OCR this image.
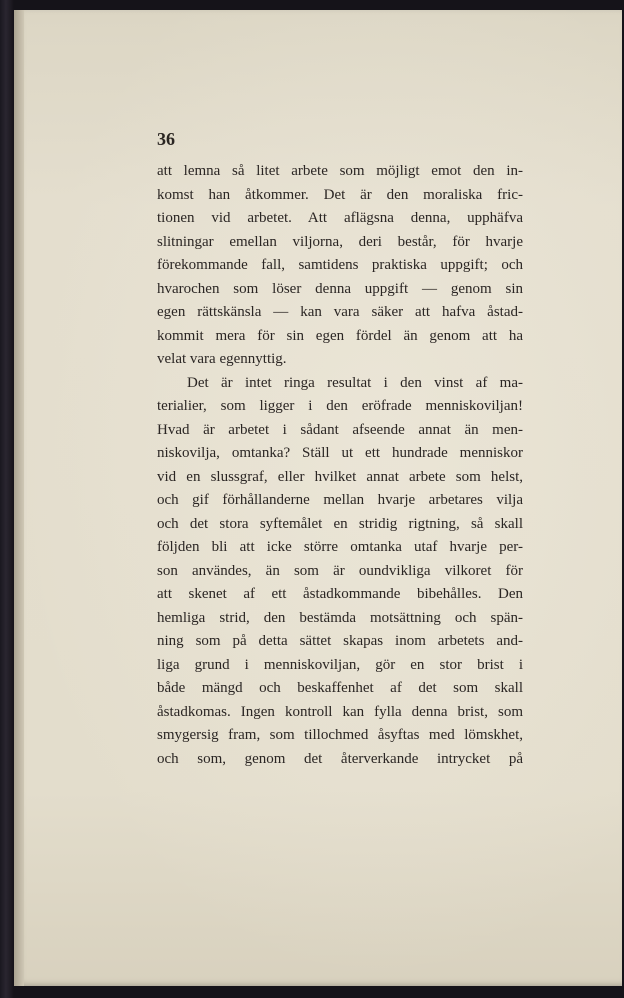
36
att lemna så litet arbete som möjligt emot den in-
komst han åtkommer. Det är den moraliska fric-
tionen vid arbetet. Att aflägsna denna, upphäfva
slitningar emellan viljorna, deri består, för hvarje
förekommande fall, samtidens praktiska uppgift; och
hvarochen som löser denna uppgift — genom sin
egen rättskänsla — kan vara säker att hafva åstad-
kommit mera för sin egen fördel än genom att ha
velat vara egennyttig.
Det är intet ringa resultat i den vinst af ma-
terialier, som ligger i den eröfrade menniskoviljan!
Hvad är arbetet i sådant afseende annat än men-
niskovilja, omtanka? Ställ ut ett hundrade menniskor
vid en slussgraf, eller hvilket annat arbete som helst,
och gif förhållanderne mellan hvarje arbetares vilja
och det stora syftemålet en stridig rigtning, så skall
följden bli att icke större omtanka utaf hvarje per-
son användes, än som är oundvikliga vilkoret för
att skenet af ett åstadkommande bibehålles. Den
hemliga strid, den bestämda motsättning och spän-
ning som på detta sättet skapas inom arbetets and-
liga grund i menniskoviljan, gör en stor brist i
både mängd och beskaffenhet af det som skall
åstadkomas. Ingen kontroll kan fylla denna brist, som
smygersig fram, som tillochmed åsyftas med lömskhet,
och som, genom det återverkande intrycket på
